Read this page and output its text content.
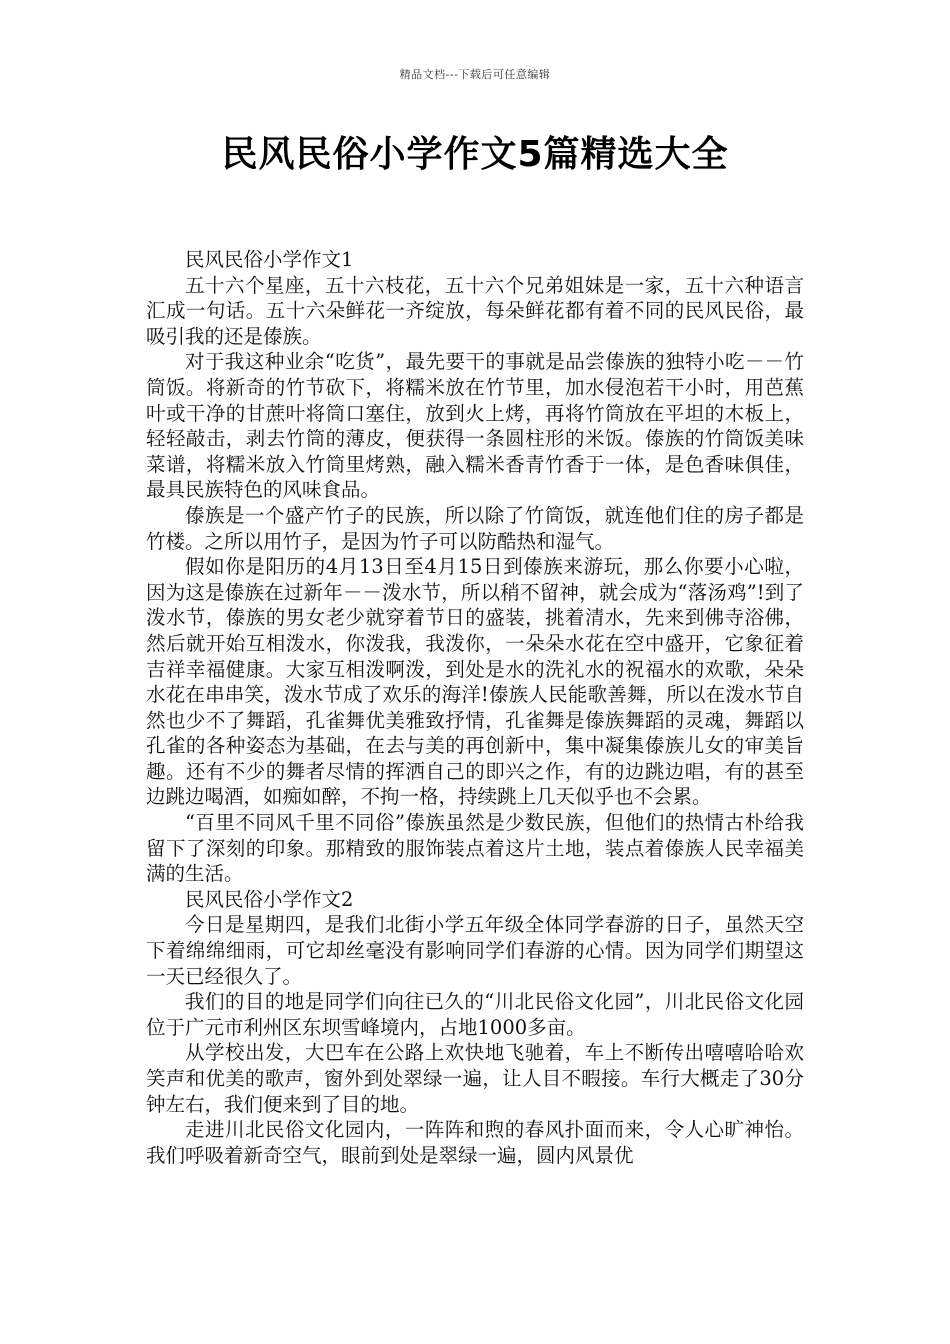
精品文档---下载后可任意编辑
民风民俗小学作文5篇精选大全

民风民俗小学作文1

五十六个星座，五十六枝花，五十六个兄弟姐妹是一家，五十六种语言汇成一句话。五十六朵鲜花一齐绽放，每朵鲜花都有着不同的民风民俗，最吸引我的还是傣族。

对于我这种业余“吃货”，最先要干的事就是品尝傣族的独特小吃－－竹筒饭。将新奇的竹节砍下，将糯米放在竹节里，加水侵泡若干小时，用芭蕉叶或干净的甘蔗叶将筒口塞住，放到火上烤，再将竹筒放在平坦的木板上，轻轻敲击，剥去竹筒的薄皮，便获得一条圆柱形的米饭。傣族的竹筒饭美味菜谱，将糯米放入竹筒里烤熟，融入糯米香青竹香于一体，是色香味俱佳，最具民族特色的风味食品。

傣族是一个盛产竹子的民族，所以除了竹筒饭，就连他们住的房子都是竹楼。之所以用竹子，是因为竹子可以防酷热和湿气。

假如你是阳历的4月13日至4月15日到傣族来游玩，那么你要小心啦，因为这是傣族在过新年－－泼水节，所以稍不留神，就会成为“落汤鸡”!到了泼水节，傣族的男女老少就穿着节日的盛装，挑着清水，先来到佛寺浴佛，然后就开始互相泼水，你泼我，我泼你，一朵朵水花在空中盛开，它象征着吉祥幸福健康。大家互相泼啊泼，到处是水的洗礼水的祝福水的欢歌，朵朵水花在串串笑，泼水节成了欢乐的海洋!傣族人民能歌善舞，所以在泼水节自然也少不了舞蹈，孔雀舞优美雅致抒情，孔雀舞是傣族舞蹈的灵魂，舞蹈以孔雀的各种姿态为基础，在去与美的再创新中，集中凝集傣族儿女的审美旨趣。还有不少的舞者尽情的挥洒自己的即兴之作，有的边跳边唱，有的甚至边跳边喝酒，如痴如醉，不拘一格，持续跳上几天似乎也不会累。

“百里不同风千里不同俗”傣族虽然是少数民族，但他们的热情古朴给我留下了深刻的印象。那精致的服饰装点着这片土地，装点着傣族人民幸福美满的生活。

民风民俗小学作文2

今日是星期四，是我们北街小学五年级全体同学春游的日子，虽然天空下着绵绵细雨，可它却丝毫没有影响同学们春游的心情。因为同学们期望这一天已经很久了。

我们的目的地是同学们向往已久的“川北民俗文化园”，川北民俗文化园位于广元市利州区东坝雪峰境内，占地1000多亩。

从学校出发，大巴车在公路上欢快地飞驰着，车上不断传出嘻嘻哈哈欢笑声和优美的歌声，窗外到处翠绿一遍，让人目不暇接。车行大概走了30分钟左右，我们便来到了目的地。

走进川北民俗文化园内，一阵阵和煦的春风扑面而来，令人心旷神怡。我们呼吸着新奇空气，眼前到处是翠绿一遍，圆内风景优
